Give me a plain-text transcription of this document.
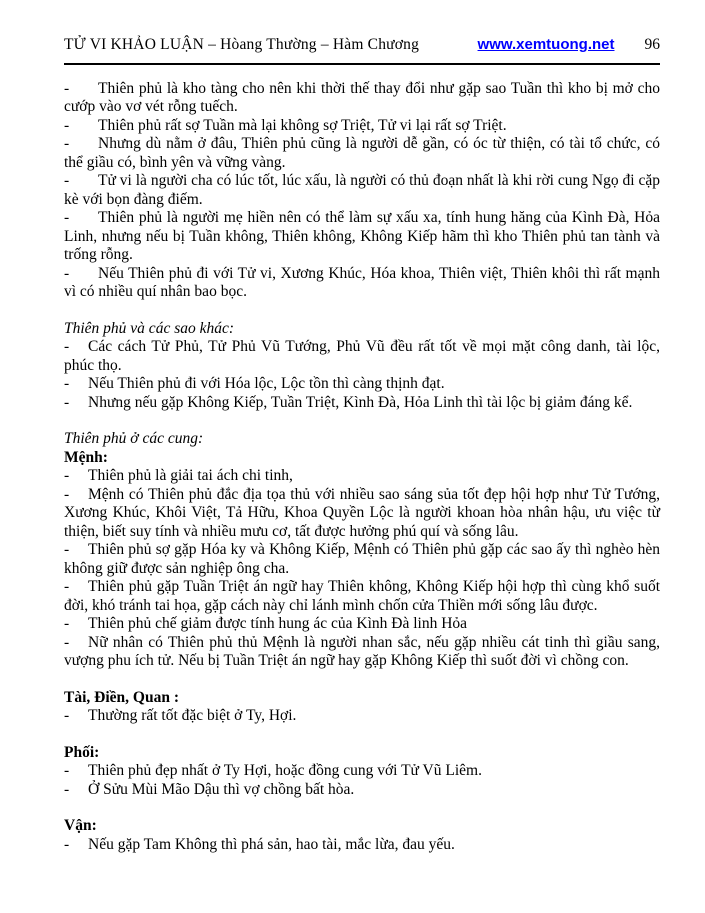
TỬ VI KHẢO LUẬN – Hòang Thường – Hàm Chương	www.xemtuong.net 96

- Thiên phủ là kho tàng cho nên khi thời thế thay đổi như gặp sao Tuần thì kho bị mở cho cướp vào vơ vét rỗng tuếch.

- Thiên phủ rất sợ Tuần mà lại không sợ Triệt, Tử vi lại rất sợ Triệt.

- Nhưng dù nằm ở đâu, Thiên phủ cũng là người dễ gần, có óc từ thiện, có tài tổ chức, có thể giầu có, bình yên và vững vàng.

- Tử vi là người cha có lúc tốt, lúc xấu, là người có thủ đoạn nhất là khi rời cung Ngọ đi cặp kè với bọn đàng điếm.

- Thiên phủ là người mẹ hiền nên có thể làm sự xấu xa, tính hung hăng của Kình Đà, Hỏa Linh, nhưng nếu bị Tuần không, Thiên không, Không Kiếp hãm thì kho Thiên phủ tan tành và trống rỗng.

- Nếu Thiên phủ đi với Tử vi, Xương Khúc, Hóa khoa, Thiên việt, Thiên khôi thì rất mạnh vì có nhiều quí nhân bao bọc.

Thiên phủ và các sao khác:

- Các cách Tử Phủ, Tử Phủ Vũ Tướng, Phủ Vũ đều rất tốt về mọi mặt công danh, tài lộc, phúc thọ.

- Nếu Thiên phủ đi với Hóa lộc, Lộc tồn thì càng thịnh đạt.

- Nhưng nếu gặp Không Kiếp, Tuần Triệt, Kình Đà, Hỏa Linh thì tài lộc bị giảm đáng kể.

Thiên phủ ở các cung:

Mệnh:

- Thiên phủ là giải tai ách chi tinh,

- Mệnh có Thiên phủ đắc địa tọa thủ với nhiều sao sáng sủa tốt đẹp hội hợp như Tử Tướng, Xương Khúc, Khôi Việt, Tả Hữu, Khoa Quyền Lộc là người khoan hòa nhân hậu, ưu việc từ thiện, biết suy tính và nhiều mưu cơ, tất được hưởng phú quí và sống lâu.

- Thiên phủ sợ gặp Hóa ky và Không Kiếp, Mệnh có Thiên phủ gặp các sao ấy thì nghèo hèn không giữ được sản nghiệp ông cha.

- Thiên phủ gặp Tuần Triệt án ngữ hay Thiên không, Không Kiếp hội hợp thì cùng khổ suốt đời, khó tránh tai họa, gặp cách này chỉ lánh mình chốn cửa Thiền mới sống lâu được.

- Thiên phủ chế giảm được tính hung ác của Kình Đà linh Hỏa

- Nữ nhân có Thiên phủ thủ Mệnh là người nhan sắc, nếu gặp nhiều cát tinh thì giầu sang, vượng phu ích tử. Nếu bị Tuần Triệt án ngữ hay gặp Không Kiếp thì suốt đời vì chồng con.

Tài, Điền, Quan :

- Thường rất tốt đặc biệt ở Ty, Hợi.

Phối:

- Thiên phủ đẹp nhất ở Ty Hợi, hoặc đồng cung với Tử Vũ Liêm.

- Ở Sửu Mùi Mão Dậu thì vợ chồng bất hòa.

Vận:

- Nếu gặp Tam Không thì phá sản, hao tài, mắc lừa, đau yếu.
